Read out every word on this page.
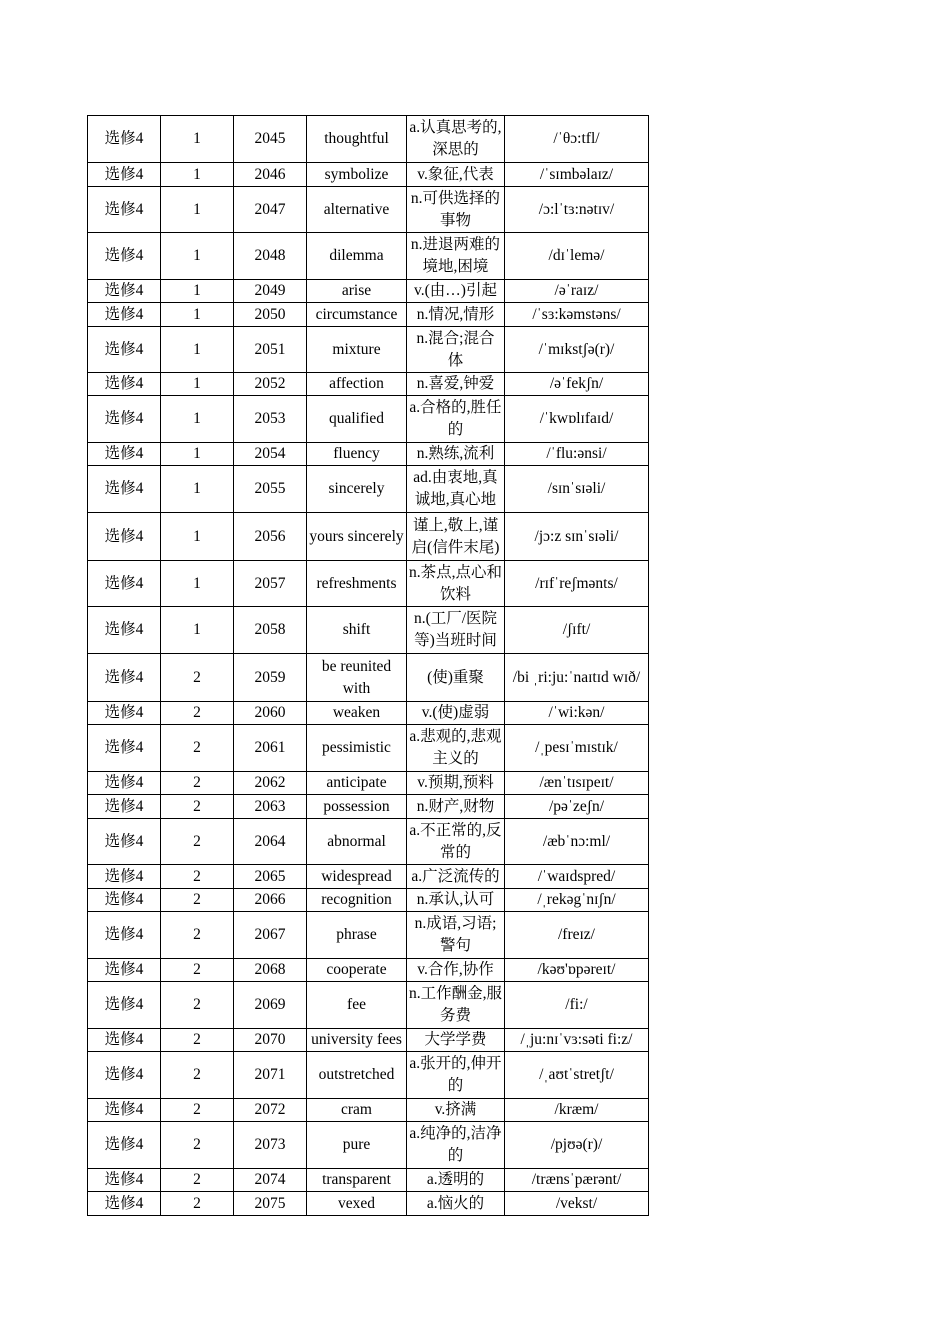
选修4	1	2045	thoughtful	a.认真思考的,深思的	/ˈθɔ:tfl/
选修4	1	2046	symbolize	v.象征,代表	/ˈsɪmbəlaɪz/
选修4	1	2047	alternative	n.可供选择的事物	/ɔ:lˈtɜ:nətɪv/
选修4	1	2048	dilemma	n.进退两难的境地,困境	/dɪˈlemə/
选修4	1	2049	arise	v.(由…)引起	/əˈraɪz/
选修4	1	2050	circumstance	n.情况,情形	/ˈsɜ:kəmstəns/
选修4	1	2051	mixture	n.混合;混合体	/ˈmɪkstʃə(r)/
选修4	1	2052	affection	n.喜爱,钟爱	/əˈfekʃn/
选修4	1	2053	qualified	a.合格的,胜任的	/ˈkwɒlɪfaɪd/
选修4	1	2054	fluency	n.熟练,流利	/ˈflu:ənsi/
选修4	1	2055	sincerely	ad.由衷地,真诚地,真心地	/sɪnˈsɪəli/
选修4	1	2056	yours sincerely	谨上,敬上,谨启(信件末尾)	/jɔ:z sɪnˈsɪəli/
选修4	1	2057	refreshments	n.茶点,点心和饮料	/rɪfˈreʃmənts/
选修4	1	2058	shift	n.(工厂/医院等)当班时间	/ʃɪft/
选修4	2	2059	be reunited with	(使)重聚	/bi ˌri:ju:ˈnaɪtɪd wɪð/
选修4	2	2060	weaken	v.(使)虚弱	/ˈwi:kən/
选修4	2	2061	pessimistic	a.悲观的,悲观主义的	/ˌpesɪˈmɪstɪk/
选修4	2	2062	anticipate	v.预期,预料	/ænˈtɪsɪpeɪt/
选修4	2	2063	possession	n.财产,财物	/pəˈzeʃn/
选修4	2	2064	abnormal	a.不正常的,反常的	/æbˈnɔ:ml/
选修4	2	2065	widespread	a.广泛流传的	/ˈwaɪdspred/
选修4	2	2066	recognition	n.承认,认可	/ˌrekəgˈnɪʃn/
选修4	2	2067	phrase	n.成语,习语;警句	/freɪz/
选修4	2	2068	cooperate	v.合作,协作	/kəʊ'ɒpəreɪt/
选修4	2	2069	fee	n.工作酬金,服务费	/fi:/
选修4	2	2070	university fees	大学学费	/ˌju:nɪˈvɜ:səti fi:z/
选修4	2	2071	outstretched	a.张开的,伸开的	/ˌaʊtˈstretʃt/
选修4	2	2072	cram	v.挤满	/kræm/
选修4	2	2073	pure	a.纯净的,洁净的	/pjʊə(r)/
选修4	2	2074	transparent	a.透明的	/trænsˈpærənt/
选修4	2	2075	vexed	a.恼火的	/vekst/
